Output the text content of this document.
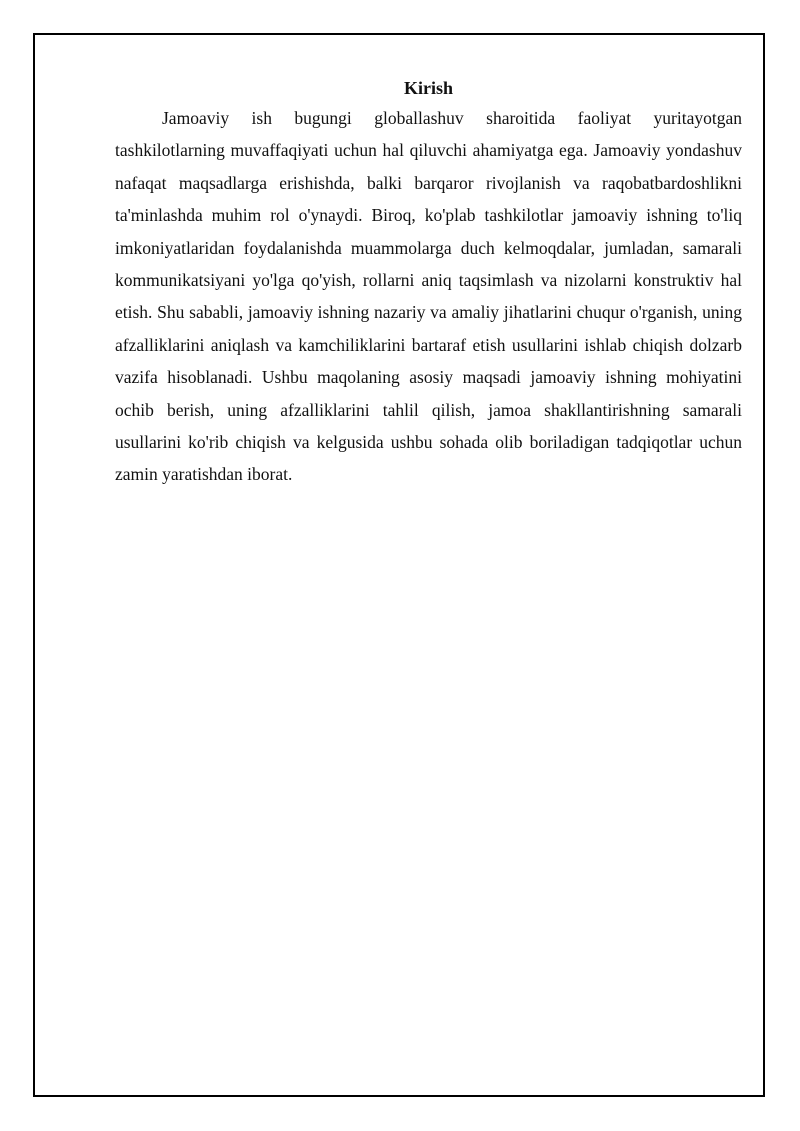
Kirish

Jamoaviy ish bugungi globallashuv sharoitida faoliyat yuritayotgan tashkilotlarning muvaffaqiyati uchun hal qiluvchi ahamiyatga ega. Jamoaviy yondashuv nafaqat maqsadlarga erishishda, balki barqaror rivojlanish va raqobatbardoshlikni ta'minlashda muhim rol o'ynaydi. Biroq, ko'plab tashkilotlar jamoaviy ishning to'liq imkoniyatlaridan foydalanishda muammolarga duch kelmoqdalar, jumladan, samarali kommunikatsiyani yo'lga qo'yish, rollarni aniq taqsimlash va nizolarni konstruktiv hal etish. Shu sababli, jamoaviy ishning nazariy va amaliy jihatlarini chuqur o'rganish, uning afzalliklarini aniqlash va kamchiliklarini bartaraf etish usullarini ishlab chiqish dolzarb vazifa hisoblanadi. Ushbu maqolaning asosiy maqsadi jamoaviy ishning mohiyatini ochib berish, uning afzalliklarini tahlil qilish, jamoa shakllantirishning samarali usullarini ko'rib chiqish va kelgusida ushbu sohada olib boriladigan tadqiqotlar uchun zamin yaratishdan iborat.
